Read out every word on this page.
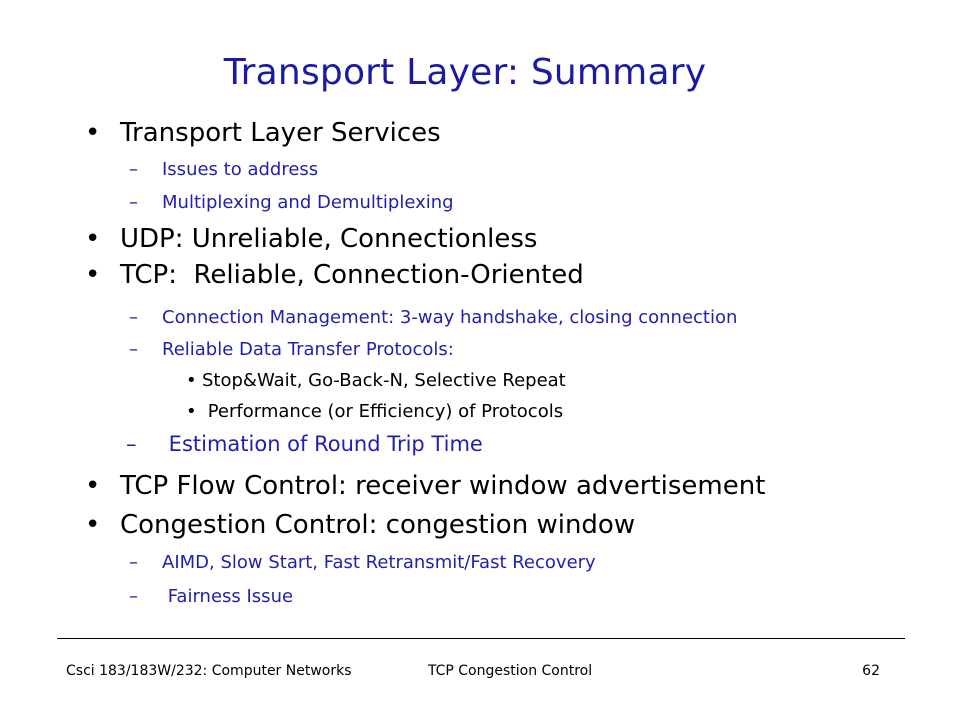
Transport Layer: Summary
• Transport Layer Services
– Issues to address
– Multiplexing and Demultiplexing
• UDP: Unreliable, Connectionless
• TCP:  Reliable, Connection-Oriented
– Connection Management: 3-way handshake, closing connection
– Reliable Data Transfer Protocols:
• Stop&Wait, Go-Back-N, Selective Repeat
• Performance (or Efficiency) of Protocols
– Estimation of Round Trip Time
• TCP Flow Control: receiver window advertisement
• Congestion Control: congestion window
– AIMD, Slow Start, Fast Retransmit/Fast Recovery
– Fairness Issue
Csci 183/183W/232: Computer Networks	TCP Congestion Control	62
